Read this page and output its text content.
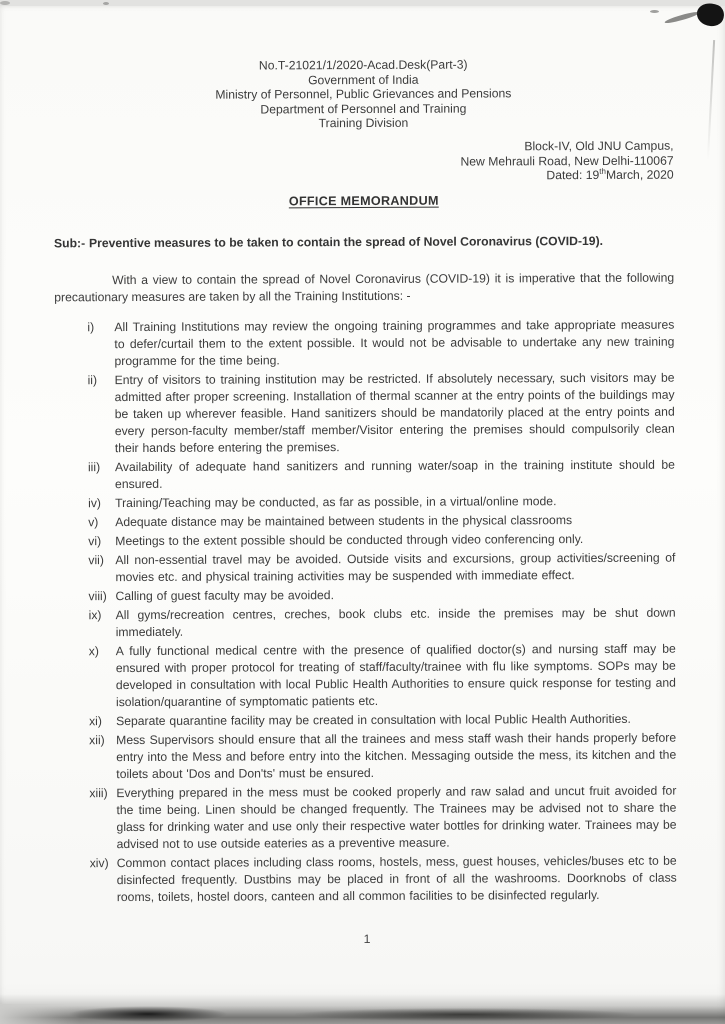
No.T-21021/1/2020-Acad.Desk(Part-3)
Government of India
Ministry of Personnel, Public Grievances and Pensions
Department of Personnel and Training
Training Division
Block-IV, Old JNU Campus,
New Mehrauli Road, New Delhi-110067
Dated: 19thMarch, 2020
OFFICE MEMORANDUM
Sub:- Preventive measures to be taken to contain the spread of Novel Coronavirus (COVID-19).
With a view to contain the spread of Novel Coronavirus (COVID-19) it is imperative that the following precautionary measures are taken by all the Training Institutions: -
i)	All Training Institutions may review the ongoing training programmes and take appropriate measures to defer/curtail them to the extent possible. It would not be advisable to undertake any new training programme for the time being.
ii)	Entry of visitors to training institution may be restricted. If absolutely necessary, such visitors may be admitted after proper screening. Installation of thermal scanner at the entry points of the buildings may be taken up wherever feasible. Hand sanitizers should be mandatorily placed at the entry points and every person-faculty member/staff member/Visitor entering the premises should compulsorily clean their hands before entering the premises.
iii)	Availability of adequate hand sanitizers and running water/soap in the training institute should be ensured.
iv)	Training/Teaching may be conducted, as far as possible, in a virtual/online mode.
v)	Adequate distance may be maintained between students in the physical classrooms
vi)	Meetings to the extent possible should be conducted through video conferencing only.
vii) All non-essential travel may be avoided. Outside visits and excursions, group activities/screening of movies etc. and physical training activities may be suspended with immediate effect.
viii) Calling of guest faculty may be avoided.
ix)	All gyms/recreation centres, creches, book clubs etc. inside the premises may be shut down immediately.
x)	A fully functional medical centre with the presence of qualified doctor(s) and nursing staff may be ensured with proper protocol for treating of staff/faculty/trainee with flu like symptoms. SOPs may be developed in consultation with local Public Health Authorities to ensure quick response for testing and isolation/quarantine of symptomatic patients etc.
xi)	Separate quarantine facility may be created in consultation with local Public Health Authorities.
xii) Mess Supervisors should ensure that all the trainees and mess staff wash their hands properly before entry into the Mess and before entry into the kitchen. Messaging outside the mess, its kitchen and the toilets about 'Dos and Don'ts' must be ensured.
xiii) Everything prepared in the mess must be cooked properly and raw salad and uncut fruit avoided for the time being. Linen should be changed frequently. The Trainees may be advised not to share the glass for drinking water and use only their respective water bottles for drinking water. Trainees may be advised not to use outside eateries as a preventive measure.
xiv) Common contact places including class rooms, hostels, mess, guest houses, vehicles/buses etc to be disinfected frequently. Dustbins may be placed in front of all the washrooms. Doorknobs of class rooms, toilets, hostel doors, canteen and all common facilities to be disinfected regularly.
1
